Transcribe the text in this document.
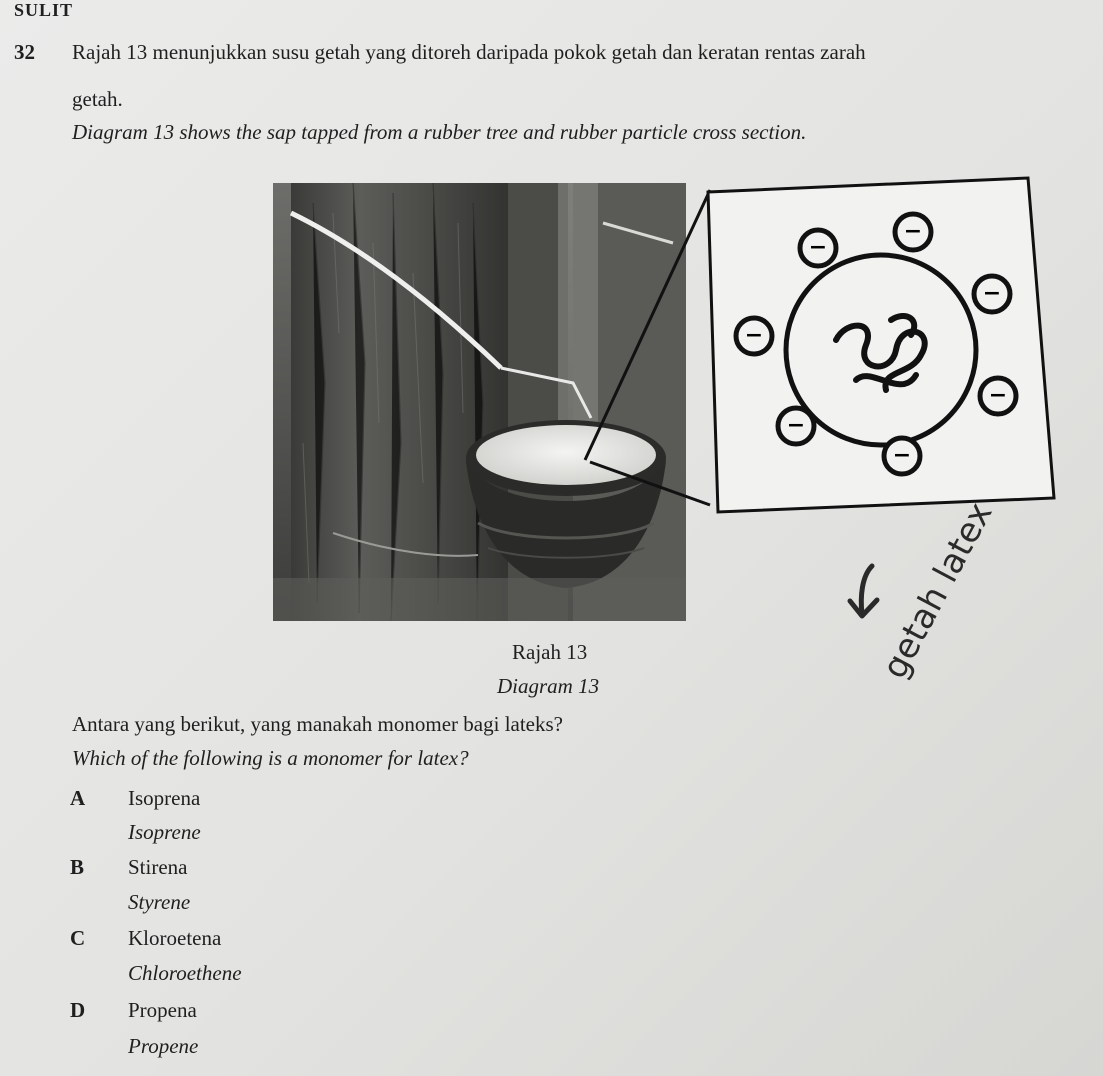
SULIT
32 Rajah 13 menunjukkan susu getah yang ditoreh daripada pokok getah dan keratan rentas zarah
getah.
Diagram 13 shows the sap tapped from a rubber tree and rubber particle cross section.
−
−
−
−
−
−
−
getah latex
Rajah 13
Diagram 13
Antara yang berikut, yang manakah monomer bagi lateks?
Which of the following is a monomer for latex?
A Isoprena
Isoprene
B Stirena
Styrene
C Kloroetena
Chloroethene
D Propena
Propene
